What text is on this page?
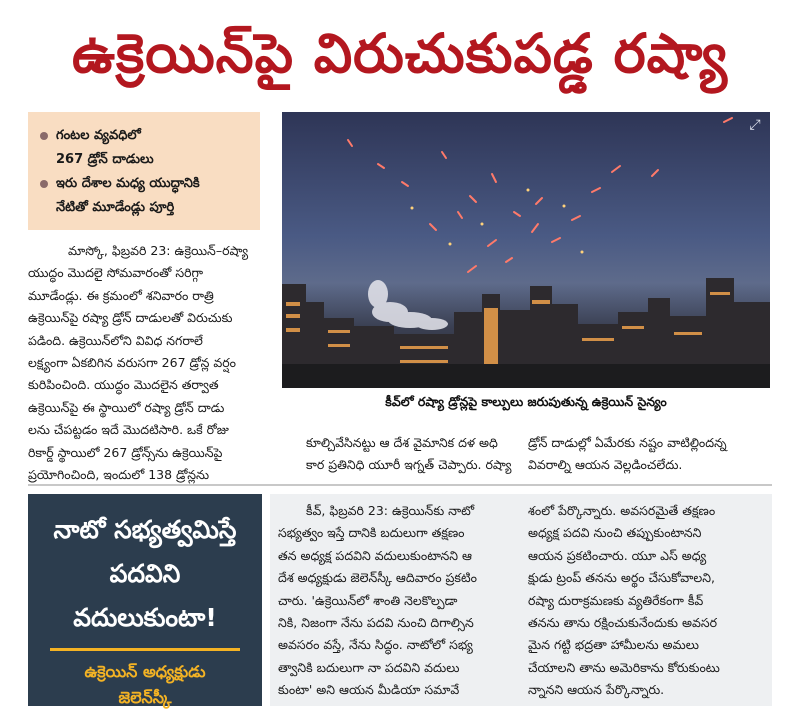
ఉక్రెయిన్‌పై విరుచుకుపడ్డ రష్యా
గంటల వ్యవధిలో
267 డ్రోన్ దాడులు
ఇరు దేశాల మధ్య యుద్ధానికి
నేటితో మూడేండ్లు పూర్తి
మాస్కో, ఫిబ్రవరి 23: ఉక్రెయిన్–రష్యా
యుద్ధం మొదలై సోమవారంతో సరిగ్గా
మూడేండ్లు. ఈ క్రమంలో శనివారం రాత్రి
ఉక్రెయిన్‌పై రష్యా డ్రోన్ దాడులతో విరుచుకు
పడింది. ఉక్రెయిన్‌లోని వివిధ నగరాలే
లక్ష్యంగా ఏకబిగిన వరుసగా 267 డ్రోన్ల వర్షం
కురిపించింది. యుద్ధం మొదలైన తర్వాత
ఉక్రెయిన్‌పై ఈ స్థాయిలో రష్యా డ్రోన్ దాడు
లను చేపట్టడం ఇదే మొదటిసారి. ఒకే రోజు
రికార్డ్ స్థాయిలో 267 డ్రోన్స్‌ను ఉక్రెయిన్‌పై
ప్రయోగించింది, ఇందులో 138 డ్రోన్లను
⤢
కీవ్‌లో రష్యా డ్రోన్లపై కాల్పులు జరుపుతున్న ఉక్రెయిన్ సైన్యం
కూల్చివేసినట్టు ఆ దేశ వైమానిక దళ అధి
కార ప్రతినిధి యూరీ ఇగ్నత్ చెప్పారు. రష్యా
డ్రోన్ దాడుల్లో ఏమేరకు నష్టం వాటిల్లిందన్న
వివరాల్ని ఆయన వెల్లడించలేదు.
నాటో సభ్యత్వమిస్తే
పదవిని
వదులుకుంటా!
ఉక్రెయిన్ అధ్యక్షుడు
జెలెన్‌స్కీ
కీవ్, ఫిబ్రవరి 23: ఉక్రెయిన్‌కు నాటో
సభ్యత్వం ఇస్తే దానికి బదులుగా తక్షణం
తన అధ్యక్ష పదవిని వదులుకుంటానని ఆ
దేశ అధ్యక్షుడు జెలెన్‌స్కీ ఆదివారం ప్రకటిం
చారు. 'ఉక్రెయిన్‌లో శాంతి నెలకొల్పడా
నికి, నిజంగా నేను పదవి నుంచి దిగాల్సిన
అవసరం వస్తే, నేను సిద్ధం. నాటోలో సభ్య
త్వానికి బదులుగా నా పదవిని వదులు
కుంటా' అని ఆయన మీడియా సమావే
శంలో పేర్కొన్నారు. అవసరమైతే తక్షణం
అధ్యక్ష పదవి నుంచి తప్పుకుంటానని
ఆయన ప్రకటించారు. యూ ఎస్ అధ్య
క్షుడు ట్రంప్ తనను అర్థం చేసుకోవాలని,
రష్యా దురాక్రమణకు వ్యతిరేకంగా కీవ్
తనను తాను రక్షించుకునేందుకు అవసర
మైన గట్టి భద్రతా హామీలను అమలు
చేయాలని తాను అమెరికాను కోరుకుంటు
న్నానని ఆయన పేర్కొన్నారు.
